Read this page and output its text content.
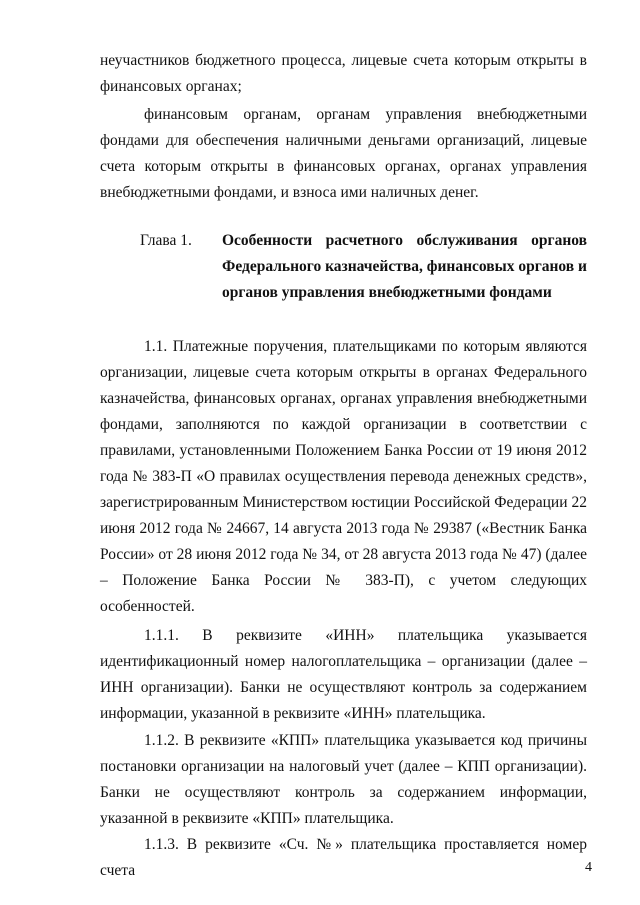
неучастников бюджетного процесса, лицевые счета которым открыты в финансовых органах;

финансовым органам, органам управления внебюджетными фондами для обеспечения наличными деньгами организаций, лицевые счета которым открыты в финансовых органах, органах управления внебюджетными фондами, и взноса ими наличных денег.

Глава 1.	Особенности расчетного обслуживания органов Федерального казначейства, финансовых органов и органов управления внебюджетными фондами

1.1. Платежные поручения, плательщиками по которым являются организации, лицевые счета которым открыты в органах Федерального казначейства, финансовых органах, органах управления внебюджетными фондами, заполняются по каждой организации в соответствии с правилами, установленными Положением Банка России от 19 июня 2012 года № 383-П «О правилах осуществления перевода денежных средств», зарегистрированным Министерством юстиции Российской Федерации 22 июня 2012 года № 24667, 14 августа 2013 года № 29387 («Вестник Банка России» от 28 июня 2012 года № 34, от 28 августа 2013 года № 47) (далее – Положение Банка России № 383-П), с учетом следующих особенностей.

1.1.1. В реквизите «ИНН» плательщика указывается идентификационный номер налогоплательщика – организации (далее – ИНН организации). Банки не осуществляют контроль за содержанием информации, указанной в реквизите «ИНН» плательщика.

1.1.2. В реквизите «КПП» плательщика указывается код причины постановки организации на налоговый учет (далее – КПП организации). Банки не осуществляют контроль за содержанием информации, указанной в реквизите «КПП» плательщика.

1.1.3. В реквизите «Сч. №» плательщика проставляется номер счета	4
